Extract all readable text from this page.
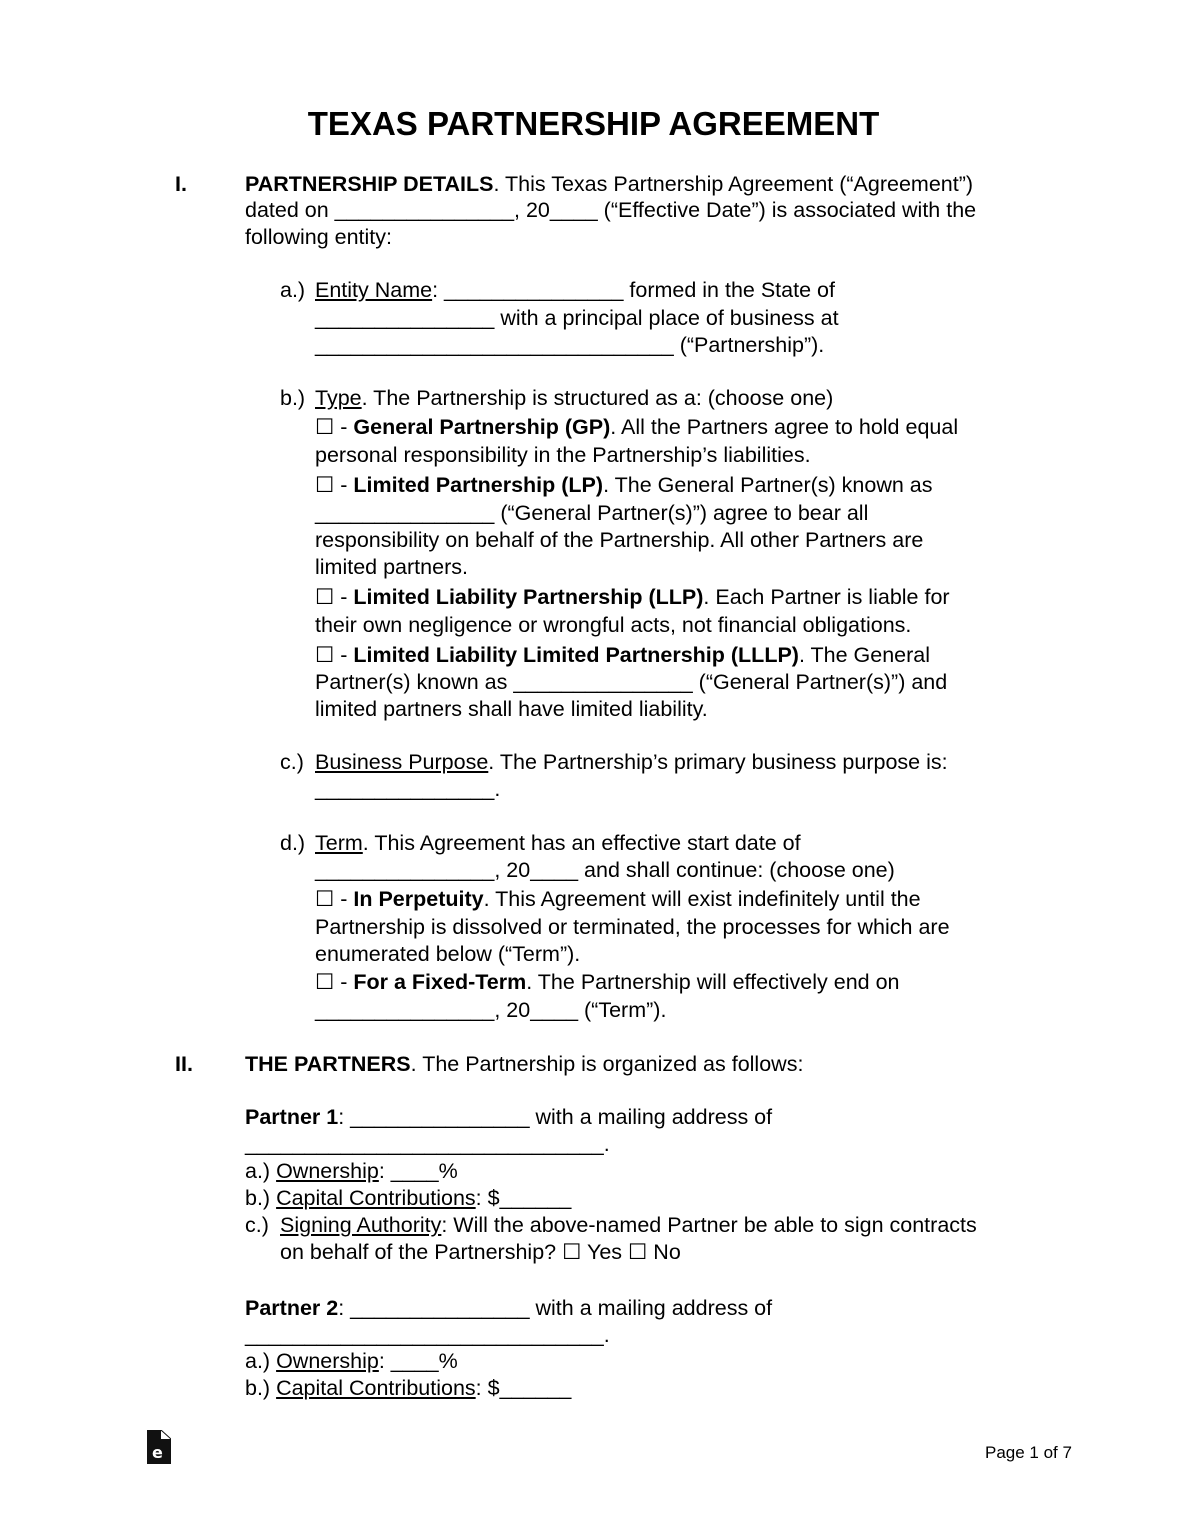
TEXAS PARTNERSHIP AGREEMENT
I.	PARTNERSHIP DETAILS. This Texas Partnership Agreement (“Agreement”)
dated on _______________, 20____ (“Effective Date”) is associated with the
following entity:
a.) Entity Name: _______________ formed in the State of
_______________ with a principal place of business at
______________________________ (“Partnership”).
b.) Type. The Partnership is structured as a: (choose one)
☐ - General Partnership (GP). All the Partners agree to hold equal
personal responsibility in the Partnership’s liabilities.
☐ - Limited Partnership (LP). The General Partner(s) known as
_______________ (“General Partner(s)”) agree to bear all
responsibility on behalf of the Partnership. All other Partners are
limited partners.
☐ - Limited Liability Partnership (LLP). Each Partner is liable for
their own negligence or wrongful acts, not financial obligations.
☐ - Limited Liability Limited Partnership (LLLP). The General
Partner(s) known as _______________ (“General Partner(s)”) and
limited partners shall have limited liability.
c.) Business Purpose. The Partnership’s primary business purpose is:
_______________.
d.) Term. This Agreement has an effective start date of
_______________, 20____ and shall continue: (choose one)
☐ - In Perpetuity. This Agreement will exist indefinitely until the
Partnership is dissolved or terminated, the processes for which are
enumerated below (“Term”).
☐ - For a Fixed-Term. The Partnership will effectively end on
_______________, 20____ (“Term”).
II. THE PARTNERS. The Partnership is organized as follows:
Partner 1: _______________ with a mailing address of
______________________________.
a.) Ownership: ____%
b.) Capital Contributions: $______
c.) Signing Authority: Will the above-named Partner be able to sign contracts
on behalf of the Partnership? ☐ Yes ☐ No
Partner 2: _______________ with a mailing address of
______________________________.
a.) Ownership: ____%
b.) Capital Contributions: $______
e	Page 1 of 7
